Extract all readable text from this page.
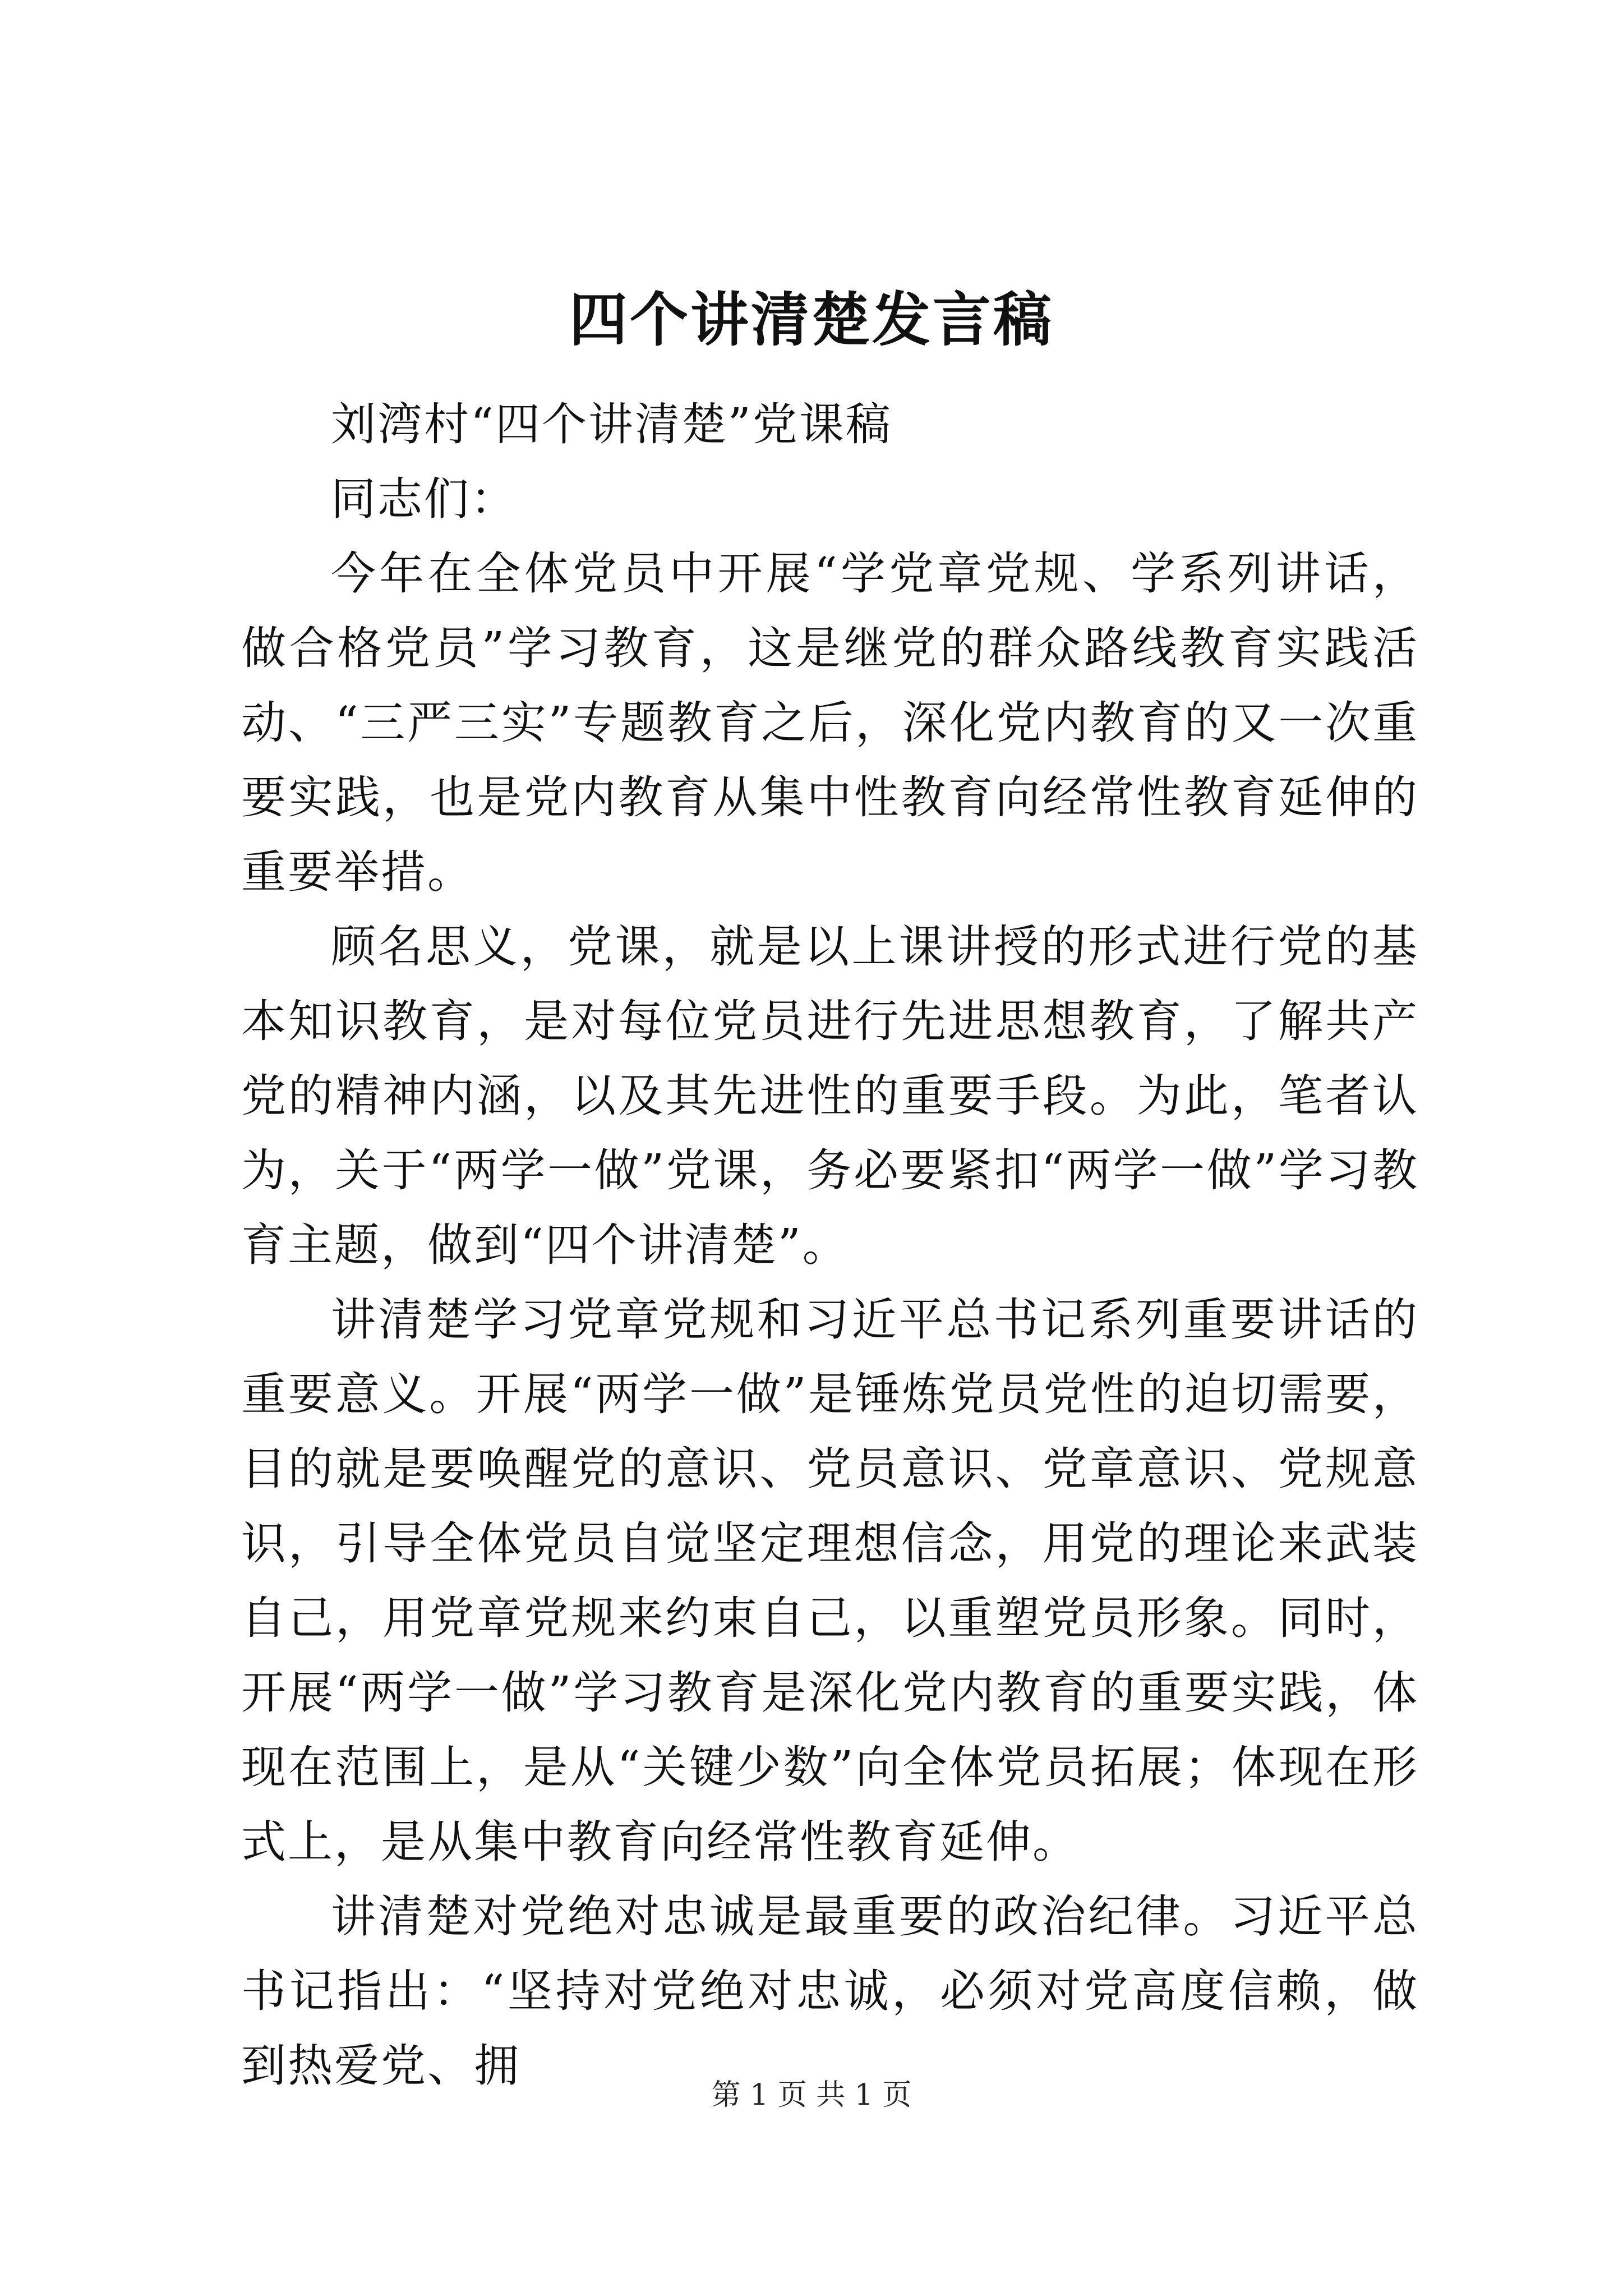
四个讲清楚发言稿

刘湾村“四个讲清楚”党课稿

同志们：

今年在全体党员中开展“学党章党规、学系列讲话，做合格党员”学习教育，这是继党的群众路线教育实践活动、“三严三实”专题教育之后，深化党内教育的又一次重要实践，也是党内教育从集中性教育向经常性教育延伸的重要举措。

顾名思义，党课，就是以上课讲授的形式进行党的基本知识教育，是对每位党员进行先进思想教育，了解共产党的精神内涵，以及其先进性的重要手段。为此，笔者认为，关于“两学一做”党课，务必要紧扣“两学一做”学习教育主题，做到“四个讲清楚”。

讲清楚学习党章党规和习近平总书记系列重要讲话的重要意义。开展“两学一做”是锤炼党员党性的迫切需要，目的就是要唤醒党的意识、党员意识、党章意识、党规意识，引导全体党员自觉坚定理想信念，用党的理论来武装自己，用党章党规来约束自己，以重塑党员形象。同时，开展“两学一做”学习教育是深化党内教育的重要实践，体现在范围上，是从“关键少数”向全体党员拓展；体现在形式上，是从集中教育向经常性教育延伸。

讲清楚对党绝对忠诚是最重要的政治纪律。习近平总书记指出：“坚持对党绝对忠诚，必须对党高度信赖，做到热爱党、拥

第 1 页 共 1 页
